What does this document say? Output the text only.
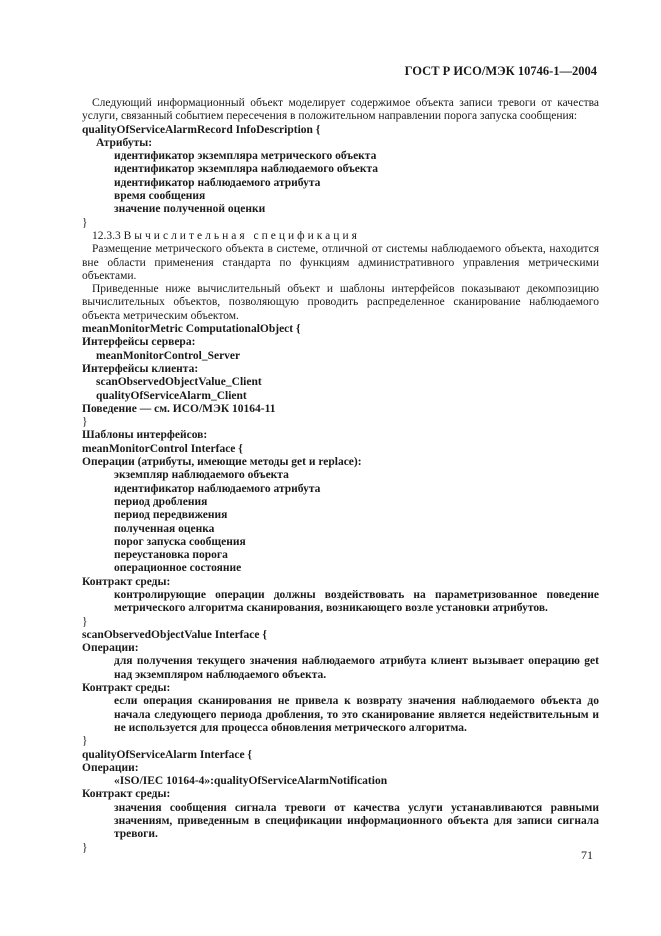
ГОСТ Р ИСО/МЭК 10746-1—2004

Следующий информационный объект моделирует содержимое объекта записи тревоги от качества услуги, связанный событием пересечения в положительном направлении порога запуска сообщения:

qualityOfServiceAlarmRecord InfoDescription {

Атрибуты:

идентификатор экземпляра метрического объекта

идентификатор экземпляра наблюдаемого объекта

идентификатор наблюдаемого атрибута

время сообщения

значение полученной оценки

}

12.3.3 Вычислительная спецификация

Размещение метрического объекта в системе, отличной от системы наблюдаемого объекта, находится вне области применения стандарта по функциям административного управления метрическими объектами.

Приведенные ниже вычислительный объект и шаблоны интерфейсов показывают декомпозицию вычислительных объектов, позволяющую проводить распределенное сканирование наблюдаемого объекта метрическим объектом.

meanMonitorMetric ComputationalObject {

Интерфейсы сервера:

meanMonitorControl_Server

Интерфейсы клиента:

scanObservedObjectValue_Client

qualityOfServiceAlarm_Client

Поведение — см. ИСО/МЭК 10164-11

}

Шаблоны интерфейсов:

meanMonitorControl Interface {

Операции (атрибуты, имеющие методы get и replace):

экземпляр наблюдаемого объекта

идентификатор наблюдаемого атрибута

период дробления

период передвижения

полученная оценка

порог запуска сообщения

переустановка порога

операционное состояние

Контракт среды:

контролирующие операции должны воздействовать на параметризованное поведение метрического алгоритма сканирования, возникающего возле установки атрибутов.

}

scanObservedObjectValue Interface {

Операции:

для получения текущего значения наблюдаемого атрибута клиент вызывает операцию get над экземпляром наблюдаемого объекта.

Контракт среды:

если операция сканирования не привела к возврату значения наблюдаемого объекта до начала следующего периода дробления, то это сканирование является недействительным и не используется для процесса обновления метрического алгоритма.

}

qualityOfServiceAlarm Interface {

Операции:

«ISO/IEC 10164-4»:qualityOfServiceAlarmNotification

Контракт среды:

значения сообщения сигнала тревоги от качества услуги устанавливаются равными значениям, приведенным в спецификации информационного объекта для записи сигнала тревоги.

}

71
